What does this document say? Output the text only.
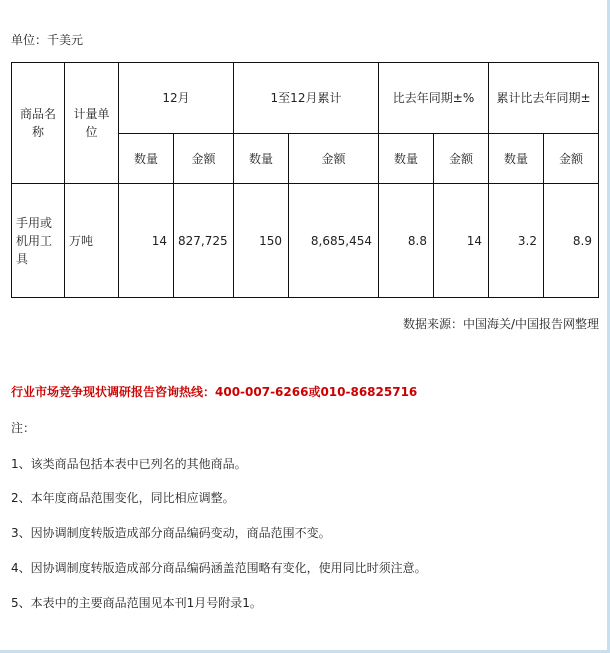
单位：千美元
商品名称	计量单位	12月		1至12月累计		比去年同期±%		累计比去年同期±	
		数量	金额	数量	金额	数量	金额	数量	金额
手用或机用工具	万吨	14	827,725	150	8,685,454	8.8	14	3.2	8.9
数据来源：中国海关/中国报告网整理
行业市场竞争现状调研报告咨询热线：400-007-6266或010-86825716
注：
1、该类商品包括本表中已列名的其他商品。
2、本年度商品范围变化，同比相应调整。
3、因协调制度转版造成部分商品编码变动，商品范围不变。
4、因协调制度转版造成部分商品编码涵盖范围略有变化，使用同比时须注意。
5、本表中的主要商品范围见本刊1月号附录1。
